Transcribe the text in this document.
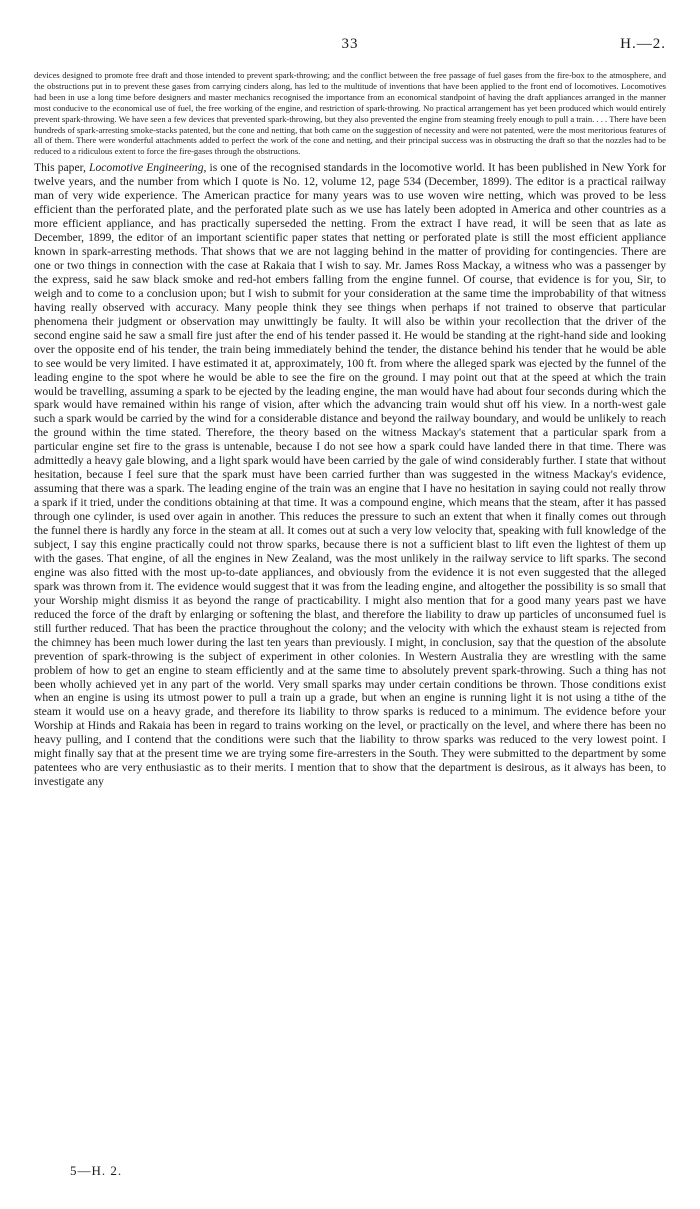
33	H.—2.

devices designed to promote free draft and those intended to prevent spark-throwing; and the conflict between the free passage of fuel gases from the fire-box to the atmosphere, and the obstructions put in to prevent these gases from carrying cinders along, has led to the multitude of inventions that have been applied to the front end of locomotives. Locomotives had been in use a long time before designers and master mechanics recognised the importance from an economical standpoint of having the draft appliances arranged in the manner most conducive to the economical use of fuel, the free working of the engine, and restriction of spark-throwing. No practical arrangement has yet been produced which would entirely prevent spark-throwing. We have seen a few devices that prevented spark-throwing, but they also prevented the engine from steaming freely enough to pull a train. . . . There have been hundreds of spark-arresting smoke-stacks patented, but the cone and netting, that both came on the suggestion of necessity and were not patented, were the most meritorious features of all of them. There were wonderful attachments added to perfect the work of the cone and netting, and their principal success was in obstructing the draft so that the nozzles had to be reduced to a ridiculous extent to force the fire-gases through the obstructions.

This paper, Locomotive Engineering, is one of the recognised standards in the locomotive world. It has been published in New York for twelve years, and the number from which I quote is No. 12, volume 12, page 534 (December, 1899). The editor is a practical railway man of very wide experience. The American practice for many years was to use woven wire netting, which was proved to be less efficient than the perforated plate, and the perforated plate such as we use has lately been adopted in America and other countries as a more efficient appliance, and has practically superseded the netting. From the extract I have read, it will be seen that as late as December, 1899, the editor of an important scientific paper states that netting or perforated plate is still the most efficient appliance known in spark-arresting methods. That shows that we are not lagging behind in the matter of providing for contingencies. There are one or two things in connection with the case at Rakaia that I wish to say. Mr. James Ross Mackay, a witness who was a passenger by the express, said he saw black smoke and red-hot embers falling from the engine funnel. Of course, that evidence is for you, Sir, to weigh and to come to a conclusion upon; but I wish to submit for your consideration at the same time the improbability of that witness having really observed with accuracy. Many people think they see things when perhaps if not trained to observe that particular phenomena their judgment or observation may unwittingly be faulty. It will also be within your recollection that the driver of the second engine said he saw a small fire just after the end of his tender passed it. He would be standing at the right-hand side and looking over the opposite end of his tender, the train being immediately behind the tender, the distance behind his tender that he would be able to see would be very limited. I have estimated it at, approximately, 100 ft. from where the alleged spark was ejected by the funnel of the leading engine to the spot where he would be able to see the fire on the ground. I may point out that at the speed at which the train would be travelling, assuming a spark to be ejected by the leading engine, the man would have had about four seconds during which the spark would have remained within his range of vision, after which the advancing train would shut off his view. In a north-west gale such a spark would be carried by the wind for a considerable distance and beyond the railway boundary, and would be unlikely to reach the ground within the time stated. Therefore, the theory based on the witness Mackay's statement that a particular spark from a particular engine set fire to the grass is untenable, because I do not see how a spark could have landed there in that time. There was admittedly a heavy gale blowing, and a light spark would have been carried by the gale of wind considerably further. I state that without hesitation, because I feel sure that the spark must have been carried further than was suggested in the witness Mackay's evidence, assuming that there was a spark. The leading engine of the train was an engine that I have no hesitation in saying could not really throw a spark if it tried, under the conditions obtaining at that time. It was a compound engine, which means that the steam, after it has passed through one cylinder, is used over again in another. This reduces the pressure to such an extent that when it finally comes out through the funnel there is hardly any force in the steam at all. It comes out at such a very low velocity that, speaking with full knowledge of the subject, I say this engine practically could not throw sparks, because there is not a sufficient blast to lift even the lightest of them up with the gases. That engine, of all the engines in New Zealand, was the most unlikely in the railway service to lift sparks. The second engine was also fitted with the most up-to-date appliances, and obviously from the evidence it is not even suggested that the alleged spark was thrown from it. The evidence would suggest that it was from the leading engine, and altogether the possibility is so small that your Worship might dismiss it as beyond the range of practicability. I might also mention that for a good many years past we have reduced the force of the draft by enlarging or softening the blast, and therefore the liability to draw up particles of unconsumed fuel is still further reduced. That has been the practice throughout the colony; and the velocity with which the exhaust steam is rejected from the chimney has been much lower during the last ten years than previously. I might, in conclusion, say that the question of the absolute prevention of spark-throwing is the subject of experiment in other colonies. In Western Australia they are wrestling with the same problem of how to get an engine to steam efficiently and at the same time to absolutely prevent spark-throwing. Such a thing has not been wholly achieved yet in any part of the world. Very small sparks may under certain conditions be thrown. Those conditions exist when an engine is using its utmost power to pull a train up a grade, but when an engine is running light it is not using a tithe of the steam it would use on a heavy grade, and therefore its liability to throw sparks is reduced to a minimum. The evidence before your Worship at Hinds and Rakaia has been in regard to trains working on the level, or practically on the level, and where there has been no heavy pulling, and I contend that the conditions were such that the liability to throw sparks was reduced to the very lowest point. I might finally say that at the present time we are trying some fire-arresters in the South. They were submitted to the department by some patentees who are very enthusiastic as to their merits. I mention that to show that the department is desirous, as it always has been, to investigate any

5—H. 2.
